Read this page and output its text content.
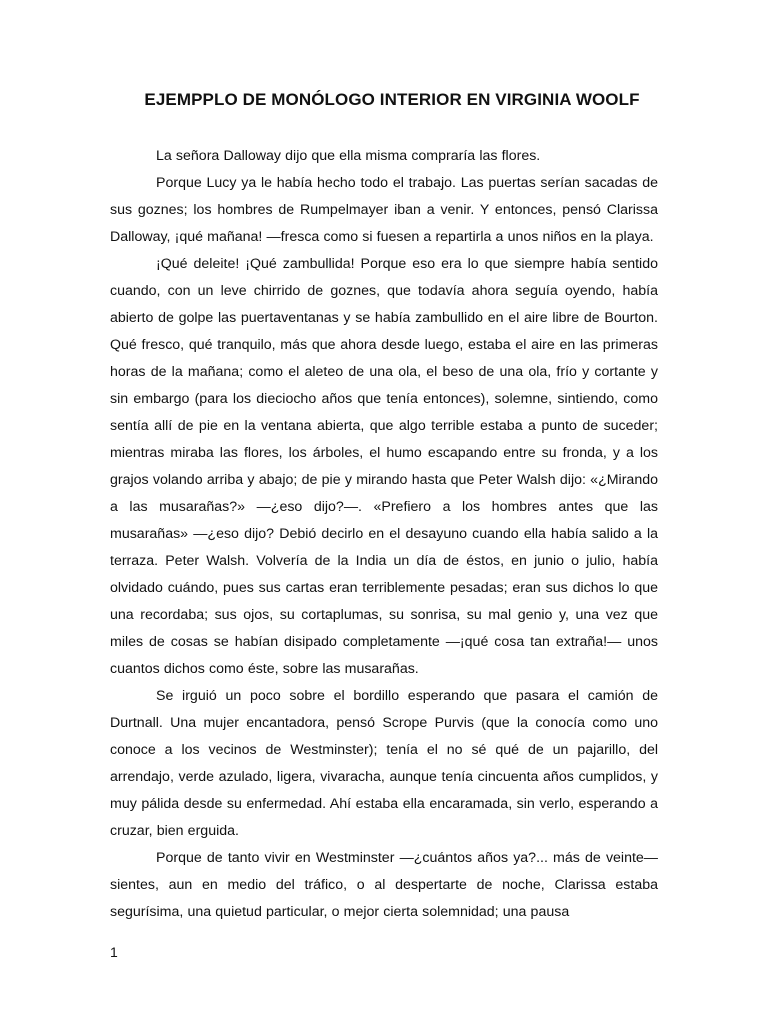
EJEMPPLO DE MONÓLOGO INTERIOR EN VIRGINIA WOOLF

La señora Dalloway dijo que ella misma compraría las flores.

Porque Lucy ya le había hecho todo el trabajo. Las puertas serían sacadas de sus goznes; los hombres de Rumpelmayer iban a venir. Y entonces, pensó Clarissa Dalloway, ¡qué mañana! —fresca como si fuesen a repartirla a unos niños en la playa.

¡Qué deleite! ¡Qué zambullida! Porque eso era lo que siempre había sentido cuando, con un leve chirrido de goznes, que todavía ahora seguía oyendo, había abierto de golpe las puertaventanas y se había zambullido en el aire libre de Bourton. Qué fresco, qué tranquilo, más que ahora desde luego, estaba el aire en las primeras horas de la mañana; como el aleteo de una ola, el beso de una ola, frío y cortante y sin embargo (para los dieciocho años que tenía entonces), solemne, sintiendo, como sentía allí de pie en la ventana abierta, que algo terrible estaba a punto de suceder; mientras miraba las flores, los árboles, el humo escapando entre su fronda, y a los grajos volando arriba y abajo; de pie y mirando hasta que Peter Walsh dijo: «¿Mirando a las musarañas?» —¿eso dijo?—. «Prefiero a los hombres antes que las musarañas» —¿eso dijo? Debió decirlo en el desayuno cuando ella había salido a la terraza. Peter Walsh. Volvería de la India un día de éstos, en junio o julio, había olvidado cuándo, pues sus cartas eran terriblemente pesadas; eran sus dichos lo que una recordaba; sus ojos, su cortaplumas, su sonrisa, su mal genio y, una vez que miles de cosas se habían disipado completamente —¡qué cosa tan extraña!— unos cuantos dichos como éste, sobre las musarañas.

Se irguió un poco sobre el bordillo esperando que pasara el camión de Durtnall. Una mujer encantadora, pensó Scrope Purvis (que la conocía como uno conoce a los vecinos de Westminster); tenía el no sé qué de un pajarillo, del arrendajo, verde azulado, ligera, vivaracha, aunque tenía cincuenta años cumplidos, y muy pálida desde su enfermedad. Ahí estaba ella encaramada, sin verlo, esperando a cruzar, bien erguida.

Porque de tanto vivir en Westminster —¿cuántos años ya?... más de veinte— sientes, aun en medio del tráfico, o al despertarte de noche, Clarissa estaba segurísima, una quietud particular, o mejor cierta solemnidad; una pausa

1
